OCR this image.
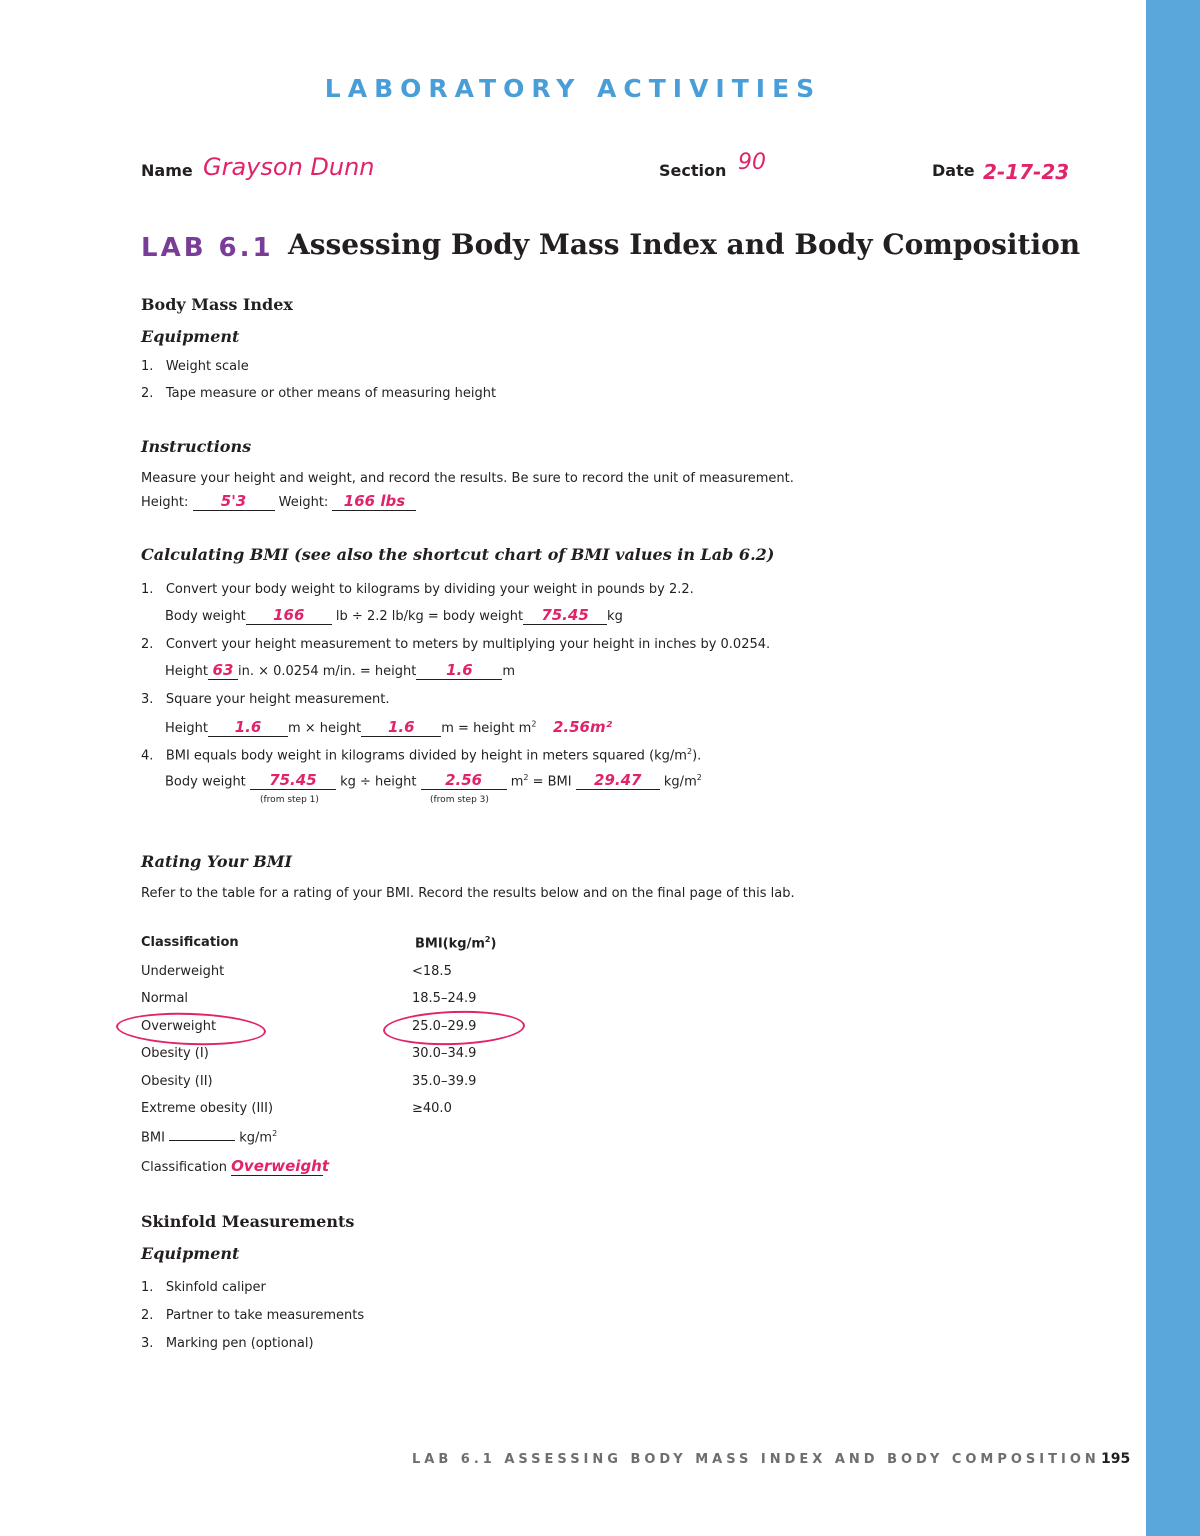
LABORATORY ACTIVITIES
Name Grayson Dunn	Section 90	Date 2-17-23
LAB 6.1 Assessing Body Mass Index and Body Composition
Body Mass Index
Equipment
1.   Weight scale
2.   Tape measure or other means of measuring height
Instructions
Measure your height and weight, and record the results. Be sure to record the unit of measurement.
Height: 5'3 Weight: 166 lbs
Calculating BMI (see also the shortcut chart of BMI values in Lab 6.2)
1.   Convert your body weight to kilograms by dividing your weight in pounds by 2.2.
Body weight 166 lb ÷ 2.2 lb/kg = body weight 75.45 kg
2.   Convert your height measurement to meters by multiplying your height in inches by 0.0254.
Height 63 in. × 0.0254 m/in. = height 1.6 m
3.   Square your height measurement.
Height 1.6 m × height 1.6 m = height $m^2$ 2.56m²
4.   BMI equals body weight in kilograms divided by height in meters squared $(kg/m^2)$.
Body weight 75.45 kg ÷ height 2.56 $m^2$ = BMI 29.47 $kg/m^2$
(from step 1)	(from step 3)
Rating Your BMI
Refer to the table for a rating of your BMI. Record the results below and on the final page of this lab.
Classification	$BMI(kg/m^2)$
Underweight	<18.5
Normal	18.5–24.9
Overweight	25.0–29.9
Obesity (I)	30.0–34.9
Obesity (II)	35.0–39.9
Extreme obesity (III)	≥40.0
BMI	$kg/m^2$
Classification Overweight
Skinfold Measurements
Equipment
1.   Skinfold caliper
2.   Partner to take measurements
3.   Marking pen (optional)
LAB 6.1 ASSESSING BODY MASS INDEX AND BODY COMPOSITION 195
